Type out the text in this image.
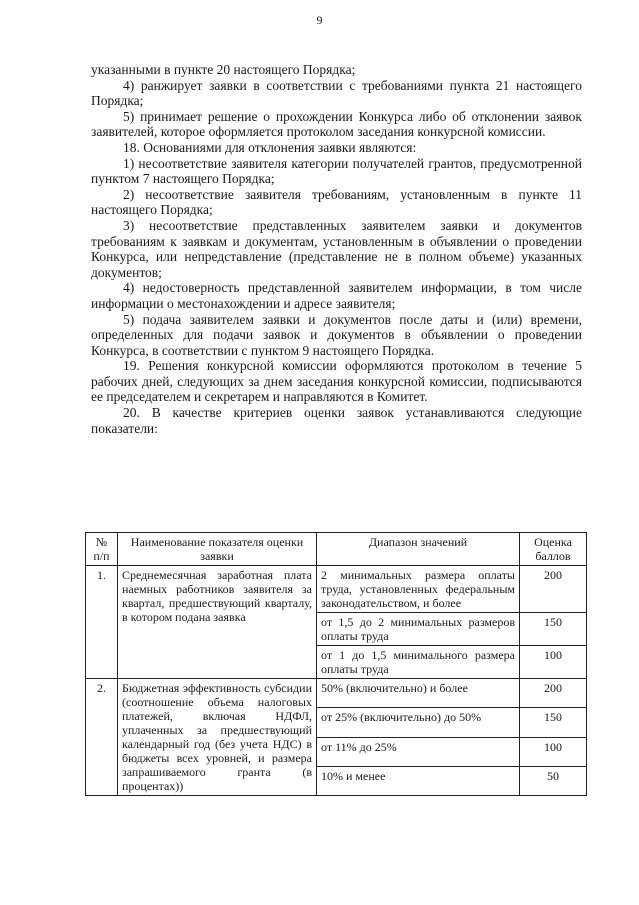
9

указанными в пункте 20 настоящего Порядка;

4) ранжирует заявки в соответствии с требованиями пункта 21 настоящего Порядка;

5) принимает решение о прохождении Конкурса либо об отклонении заявок заявителей, которое оформляется протоколом заседания конкурсной комиссии.

18. Основаниями для отклонения заявки являются:

1) несоответствие заявителя категории получателей грантов, предусмотренной пунктом 7 настоящего Порядка;

2) несоответствие заявителя требованиям, установленным в пункте 11 настоящего Порядка;

3) несоответствие представленных заявителем заявки и документов требованиям к заявкам и документам, установленным в объявлении о проведении Конкурса, или непредставление (представление не в полном объеме) указанных документов;

4) недостоверность представленной заявителем информации, в том числе информации о местонахождении и адресе заявителя;

5) подача заявителем заявки и документов после даты и (или) времени, определенных для подачи заявок и документов в объявлении о проведении Конкурса, в соответствии с пунктом 9 настоящего Порядка.

19. Решения конкурсной комиссии оформляются протоколом в течение 5 рабочих дней, следующих за днем заседания конкурсной комиссии, подписываются ее председателем и секретарем и направляются в Комитет.

20. В качестве критериев оценки заявок устанавливаются следующие показатели:

№ п/п	Наименование показателя оценки заявки	Диапазон значений	Оценка баллов
1.	Среднемесячная заработная плата наемных работников заявителя за квартал, предшествующий кварталу, в котором подана заявка	2 минимальных размера оплаты труда, установленных федеральным законодательством, и более	200
		от 1,5 до 2 минимальных размеров оплаты труда	150
		от 1 до 1,5 минимального размера оплаты труда	100
2.	Бюджетная эффективность субсидии (соотношение объема налоговых платежей, включая НДФЛ, уплаченных за предшествующий календарный год (без учета НДС) в бюджеты всех уровней, и размера запрашиваемого гранта (в процентах))	50% (включительно) и более	200
		от 25% (включительно) до 50%	150
		от 11% до 25%	100
		10% и менее	50
